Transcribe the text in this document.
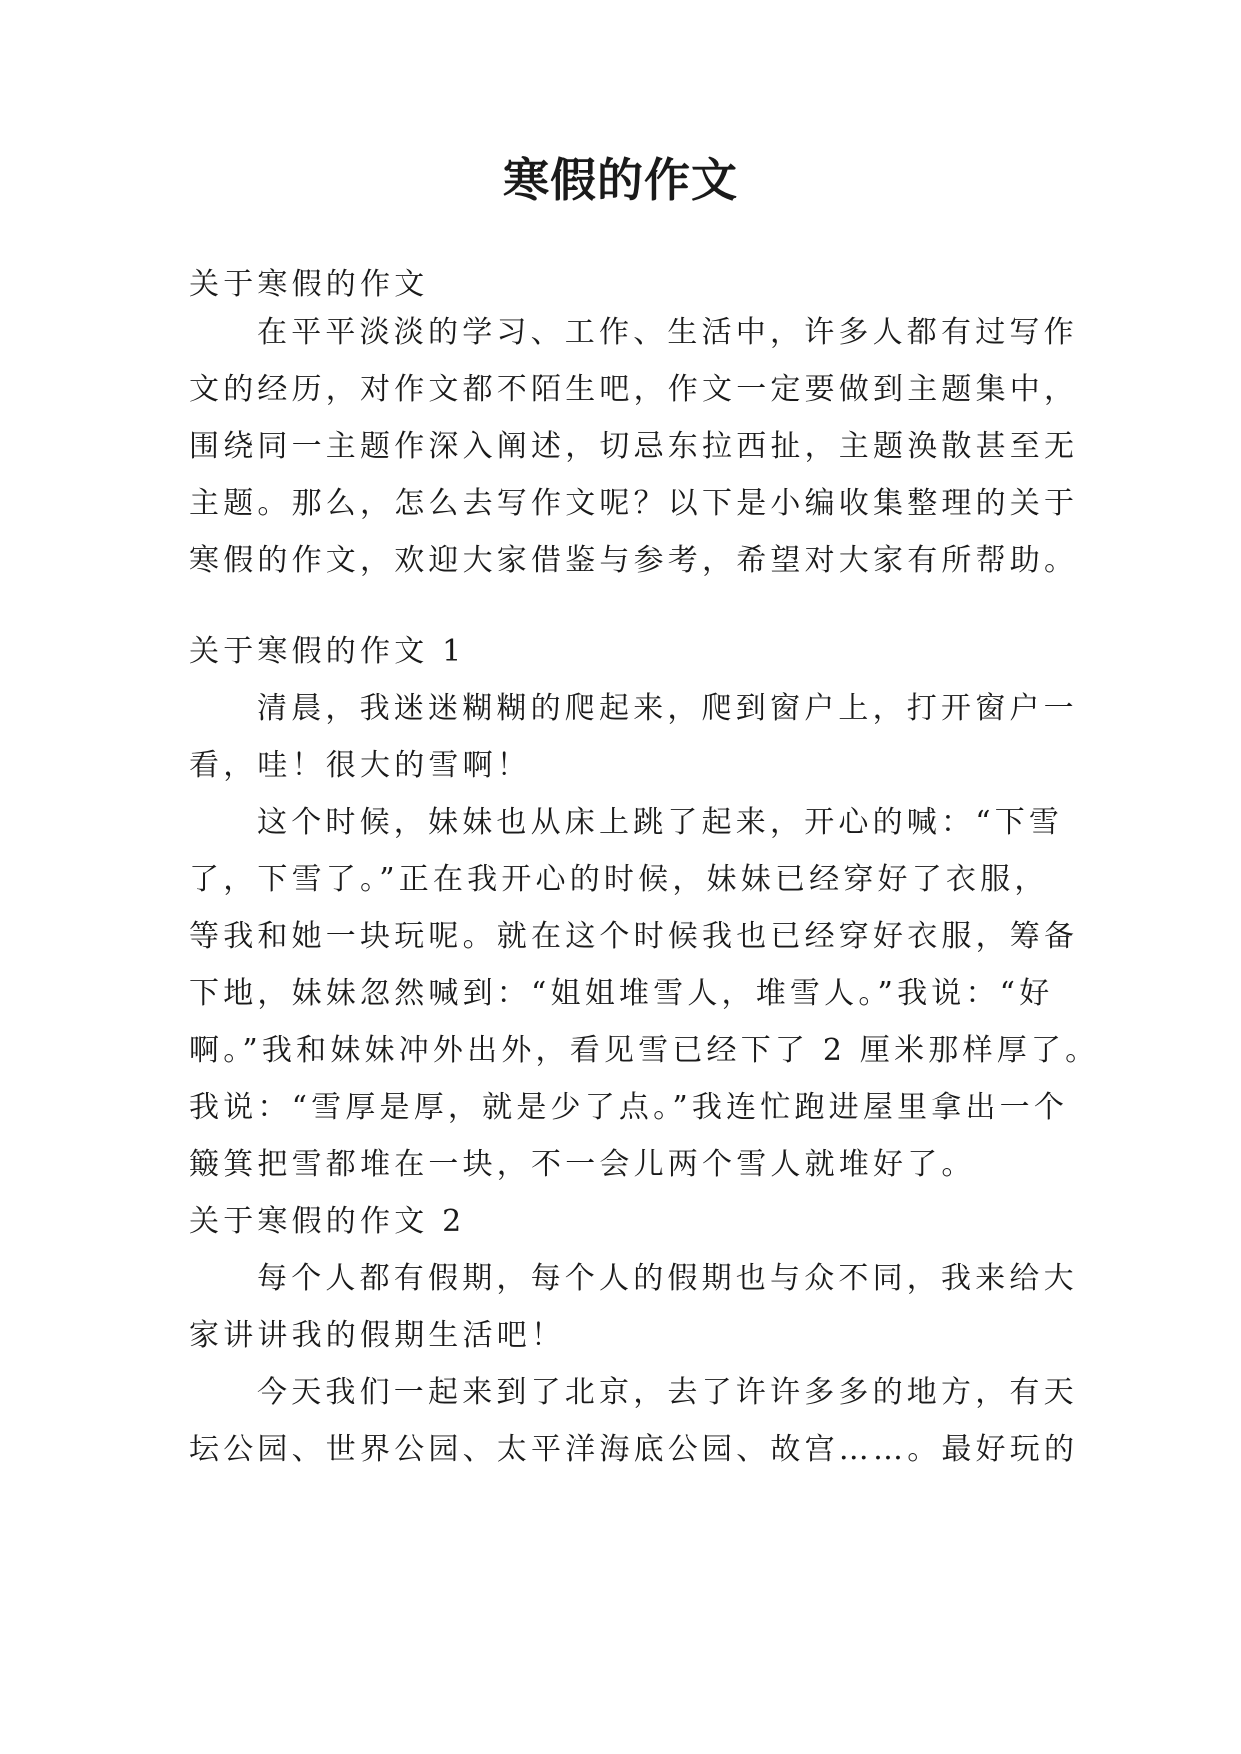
寒假的作文
关于寒假的作文
在平平淡淡的学习、工作、生活中，许多人都有过写作
文的经历，对作文都不陌生吧，作文一定要做到主题集中，
围绕同一主题作深入阐述，切忌东拉西扯，主题涣散甚至无
主题。那么，怎么去写作文呢？以下是小编收集整理的关于
寒假的作文，欢迎大家借鉴与参考，希望对大家有所帮助。
关于寒假的作文 1
清晨，我迷迷糊糊的爬起来，爬到窗户上，打开窗户一
看，哇！很大的雪啊！
这个时候，妹妹也从床上跳了起来，开心的喊：“下雪
了，下雪了。”正在我开心的时候，妹妹已经穿好了衣服，
等我和她一块玩呢。就在这个时候我也已经穿好衣服，筹备
下地，妹妹忽然喊到：“姐姐堆雪人，堆雪人。”我说：“好
啊。”我和妹妹冲外出外，看见雪已经下了 2 厘米那样厚了。
我说：“雪厚是厚，就是少了点。”我连忙跑进屋里拿出一个
簸箕把雪都堆在一块，不一会儿两个雪人就堆好了。
关于寒假的作文 2
每个人都有假期，每个人的假期也与众不同，我来给大
家讲讲我的假期生活吧！
今天我们一起来到了北京，去了许许多多的地方，有天
坛公园、世界公园、太平洋海底公园、故宫……。最好玩的
